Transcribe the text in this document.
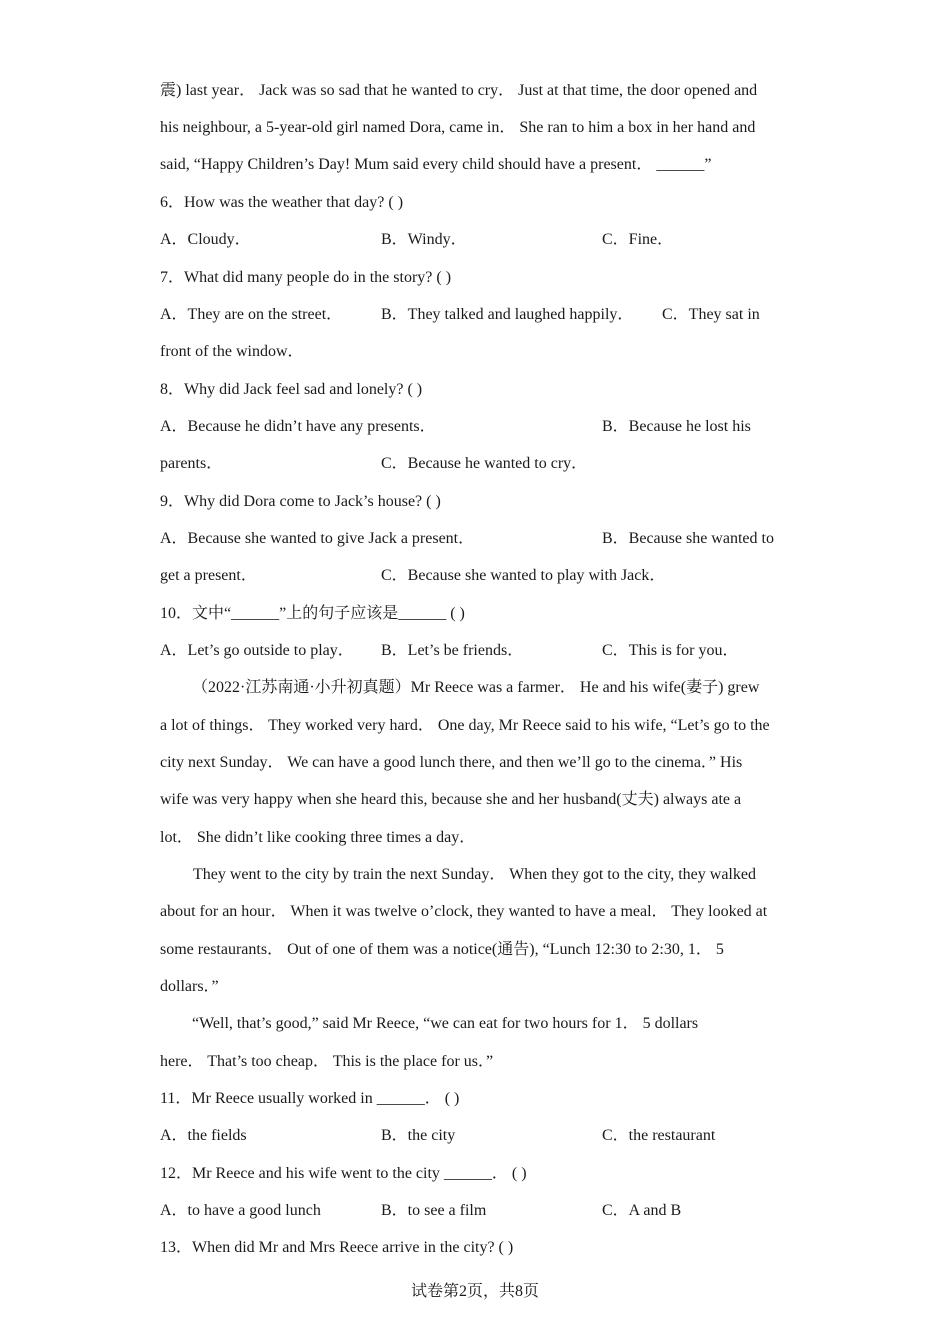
震) last year． Jack was so sad that he wanted to cry． Just at that time, the door opened and
his neighbour, a 5-year-old girl named Dora, came in． She ran to him a box in her hand and
said, “Happy Children’s Day! Mum said every child should have a present． ______”
6．How was the weather that day? ( )
A．Cloudy．	B．Windy．	C．Fine．
7．What did many people do in the story? ( )
A．They are on the street． B．They talked and laughed happily． C．They sat in
front of the window．
8．Why did Jack feel sad and lonely? ( )
A．Because he didn’t have any presents．	B．Because he lost his
parents．	C．Because he wanted to cry．
9．Why did Dora come to Jack’s house? ( )
A．Because she wanted to give Jack a present．	B．Because she wanted to
get a present．	C．Because she wanted to play with Jack．
10．文中“______”上的句子应该是______ ( )
A．Let’s go outside to play． B．Let’s be friends．	C．This is for you．
（2022·江苏南通·小升初真题）Mr Reece was a farmer． He and his wife(妻子) grew
a lot of things． They worked very hard． One day, Mr Reece said to his wife, “Let’s go to the
city next Sunday． We can have a good lunch there, and then we’ll go to the cinema．” His
wife was very happy when she heard this, because she and her husband(丈夫) always ate a
lot． She didn’t like cooking three times a day．
They went to the city by train the next Sunday． When they got to the city, they walked
about for an hour． When it was twelve o’clock, they wanted to have a meal． They looked at
some restaurants． Out of one of them was a notice(通告), “Lunch 12:30 to 2:30, 1． 5
dollars．”
“Well, that’s good,” said Mr Reece, “we can eat for two hours for 1． 5 dollars
here． That’s too cheap． This is the place for us．”
11．Mr Reece usually worked in ______． ( )
A．the fields	B．the city	C．the restaurant
12．Mr Reece and his wife went to the city ______． ( )
A．to have a good lunch	B．to see a film	C．A and B
13．When did Mr and Mrs Reece arrive in the city? ( )
试卷第2页，共8页
